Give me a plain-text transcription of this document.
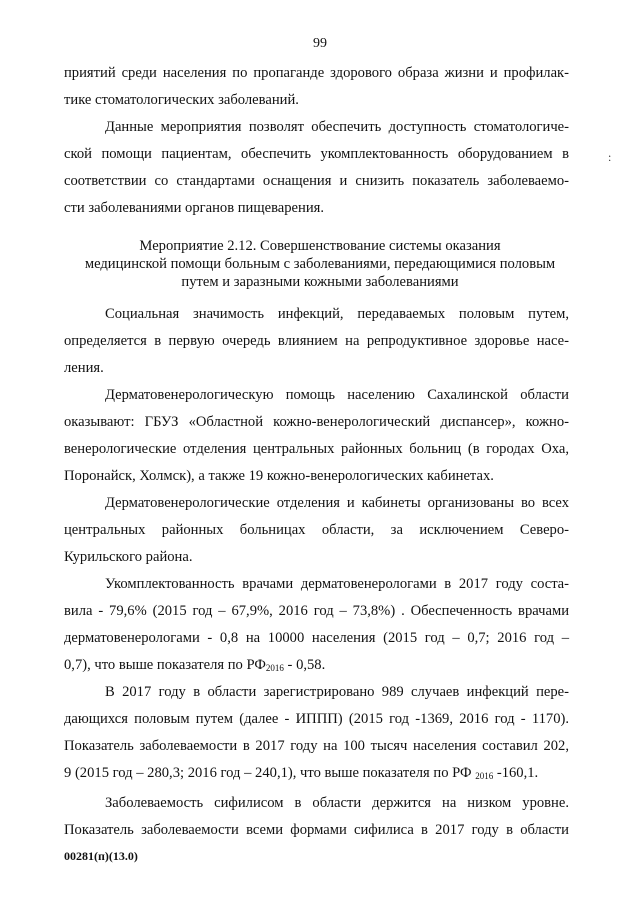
99
:
приятий среди населения по пропаганде здорового образа жизни и профилак-
тике стоматологических заболеваний.
Данные мероприятия позволят обеспечить доступность стоматологиче-
ской помощи пациентам, обеспечить укомплектованность оборудованием в
соответствии со стандартами оснащения и снизить показатель заболеваемо-
сти заболеваниями органов пищеварения.
Мероприятие 2.12. Совершенствование системы оказания
медицинской помощи больным с заболеваниями, передающимися половым
путем и заразными кожными заболеваниями
Социальная значимость инфекций, передаваемых половым путем,
определяется в первую очередь влиянием на репродуктивное здоровье насе-
ления.
Дерматовенерологическую помощь населению Сахалинской области
оказывают: ГБУЗ «Областной кожно-венерологический диспансер», кожно-
венерологические отделения центральных районных больниц (в городах Оха,
Поронайск, Холмск), а также 19 кожно-венерологических кабинетах.
Дерматовенерологические отделения и кабинеты организованы во всех
центральных районных больницах области, за исключением Северо-
Курильского района.
Укомплектованность врачами дерматовенерологами в 2017 году состa-
вила - 79,6% (2015 год – 67,9%, 2016 год – 73,8%) . Обеспеченность врачами
дерматовенерологами - 0,8 на 10000 населения (2015 год – 0,7; 2016 год –
0,7), что выше показателя по $РФ_{2016} - 0,58$.
В 2017 году в области зарегистрировано 989 случаев инфекций пере-
дающихся половым путем (далее - ИППП) (2015 год -1369, 2016 год - 1170).
Показатель заболеваемости в 2017 году на 100 тысяч населения составил 202,
9 (2015 год – 280,3; 2016 год – 240,1), что выше показателя по РФ $_{2016}$ -160,1.
Заболеваемость сифилисом в области держится на низком уровне.
Показатель заболеваемости всеми формами сифилиса в 2017 году в области
00281(п)(13.0)
